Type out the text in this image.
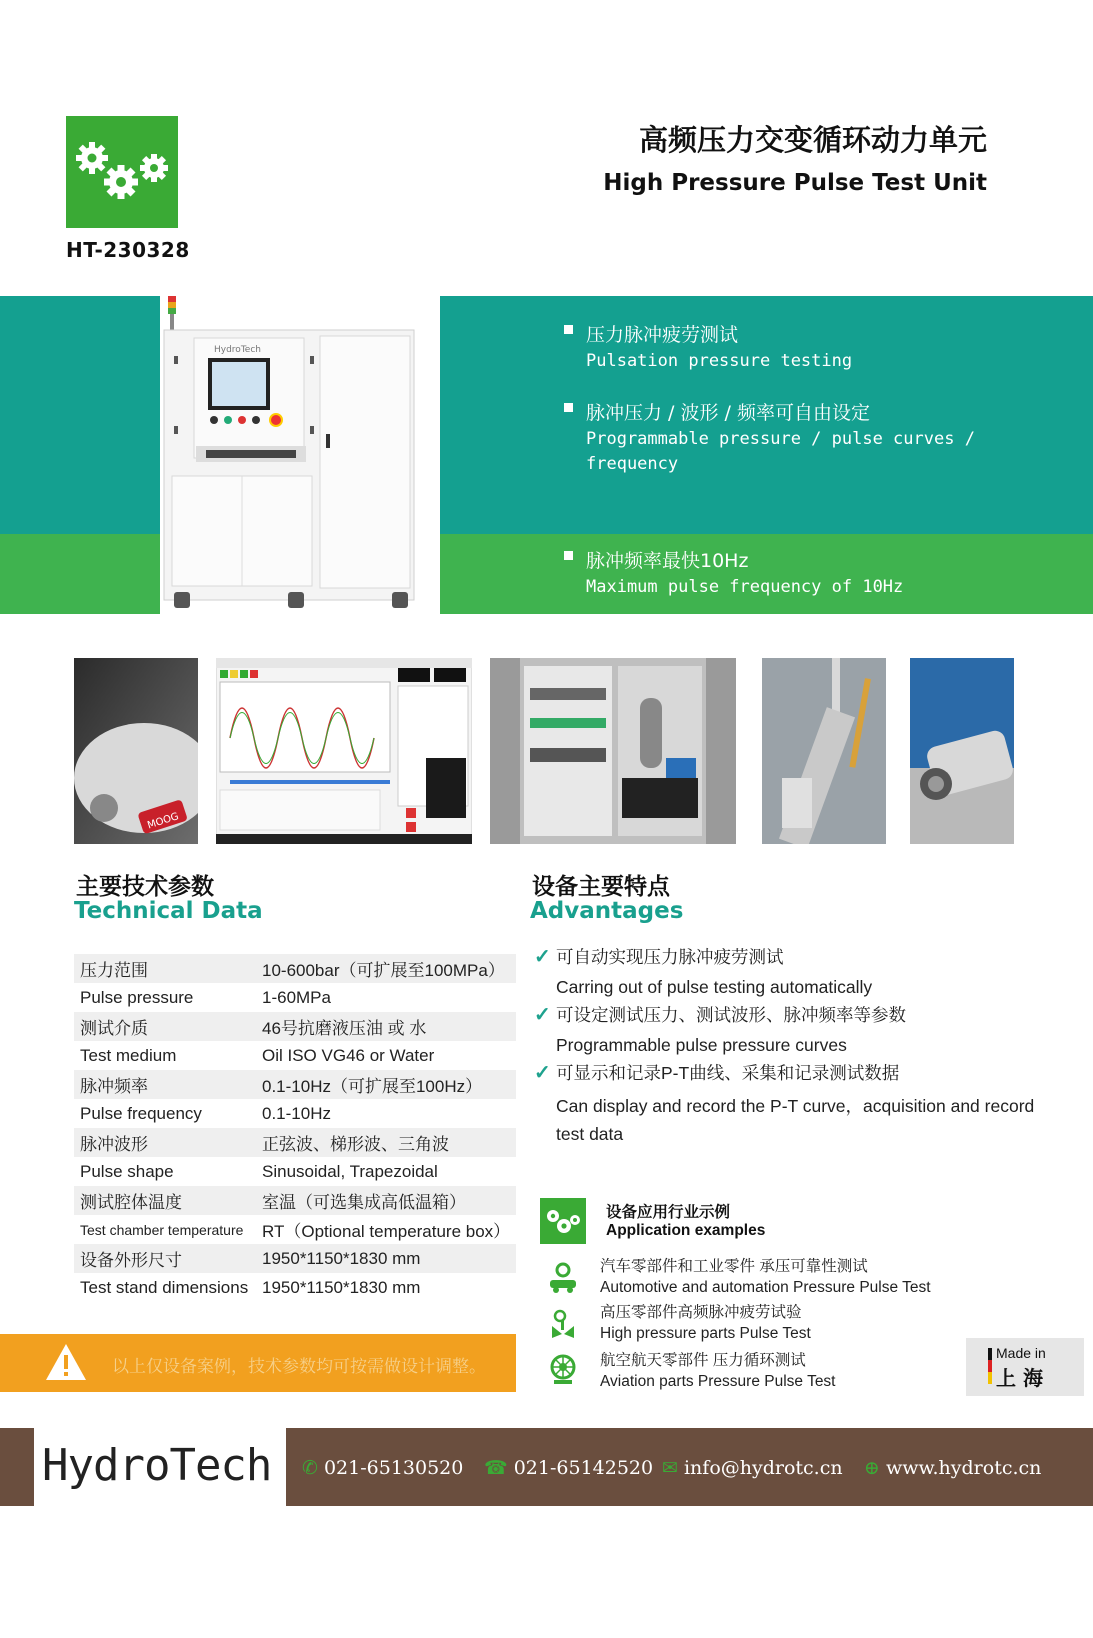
HT-230328
高频压力交变循环动力单元
High Pressure Pulse Test Unit
HydroTech
压力脉冲疲劳测试
Pulsation pressure testing
脉冲压力 / 波形 / 频率可自由设定
Programmable pressure / pulse curves /
frequency
脉冲频率最快10Hz
Maximum pulse frequency of 10Hz
MOOG
主要技术参数
Technical Data
压力范围	10-600bar（可扩展至100MPa）
Pulse pressure	1-60MPa
测试介质	46号抗磨液压油 或 水
Test medium	Oil ISO VG46 or Water
脉冲频率	0.1-10Hz（可扩展至100Hz）
Pulse frequency	0.1-10Hz
脉冲波形	正弦波、梯形波、三角波
Pulse shape	Sinusoidal, Trapezoidal
测试腔体温度	室温（可选集成高低温箱）
Test chamber temperature	RT（Optional temperature box）
设备外形尺寸	1950*1150*1830 mm
Test stand dimensions 1950*1150*1830 mm
设备主要特点
Advantages
✓ 可自动实现压力脉冲疲劳测试
Carring out of pulse testing automatically
✓ 可设定测试压力、测试波形、脉冲频率等参数
Programmable pulse pressure curves
✓ 可显示和记录P-T曲线、采集和记录测试数据
Can display and record the P-T curve，acquisition and record
test data
设备应用行业示例
Application examples
汽车零部件和工业零件 承压可靠性测试
Automotive and automation Pressure Pulse Test
高压零部件高频脉冲疲劳试验
High pressure parts Pulse Test
航空航天零部件 压力循环测试
Aviation parts Pressure Pulse Test
以上仅设备案例，技术参数均可按需做设计调整。
Made in
上 海
HydroTech ✆ 021-65130520 ☎ 021-65142520 ✉ info@hydrotc.cn ⊕ www.hydrotc.cn
